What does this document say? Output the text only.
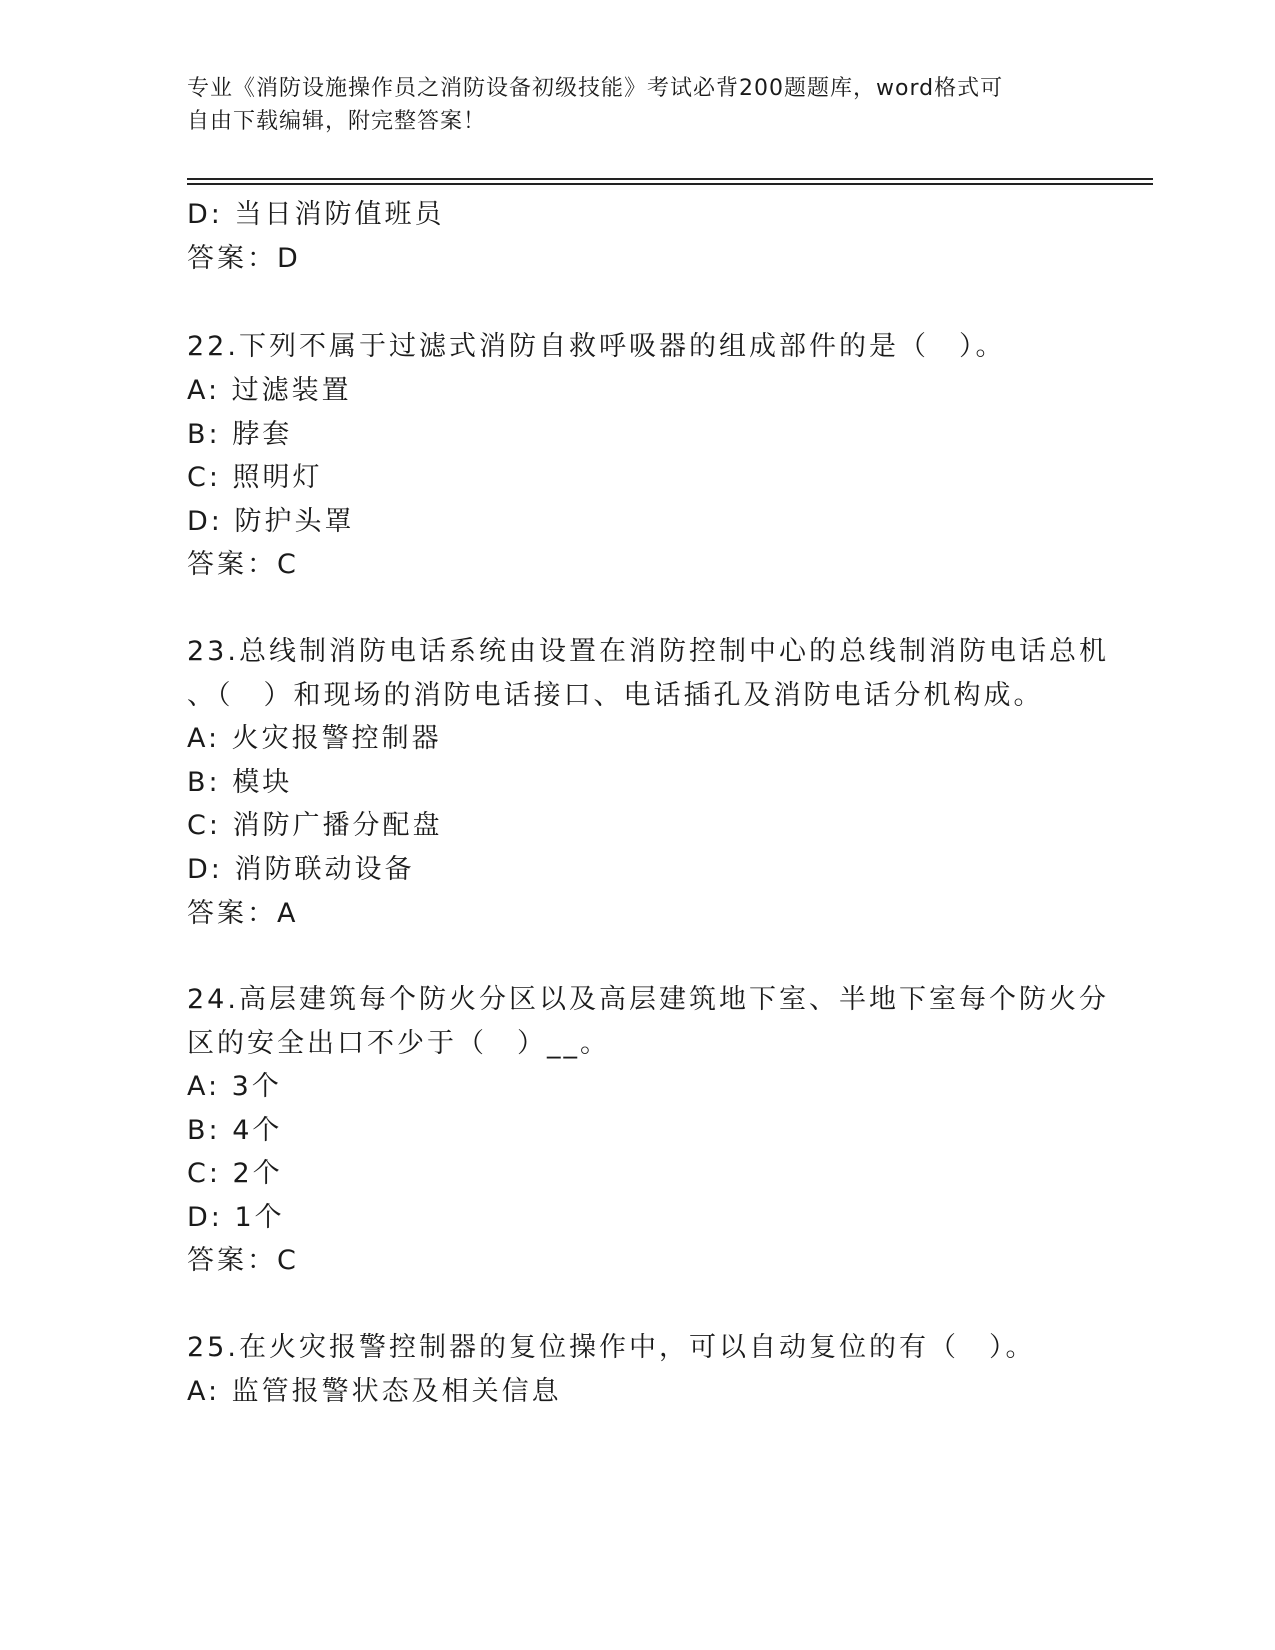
专业《消防设施操作员之消防设备初级技能》考试必背200题题库，word格式可
自由下载编辑，附完整答案！
D: 当日消防值班员
答案：D
22.下列不属于过滤式消防自救呼吸器的组成部件的是（　）。
A: 过滤装置
B: 脖套
C: 照明灯
D: 防护头罩
答案：C
23.总线制消防电话系统由设置在消防控制中心的总线制消防电话总机
、（　）和现场的消防电话接口、电话插孔及消防电话分机构成。
A: 火灾报警控制器
B: 模块
C: 消防广播分配盘
D: 消防联动设备
答案：A
24.高层建筑每个防火分区以及高层建筑地下室、半地下室每个防火分
区的安全出口不少于（　）__。
A: 3个
B: 4个
C: 2个
D: 1个
答案：C
25.在火灾报警控制器的复位操作中，可以自动复位的有（　）。
A: 监管报警状态及相关信息
